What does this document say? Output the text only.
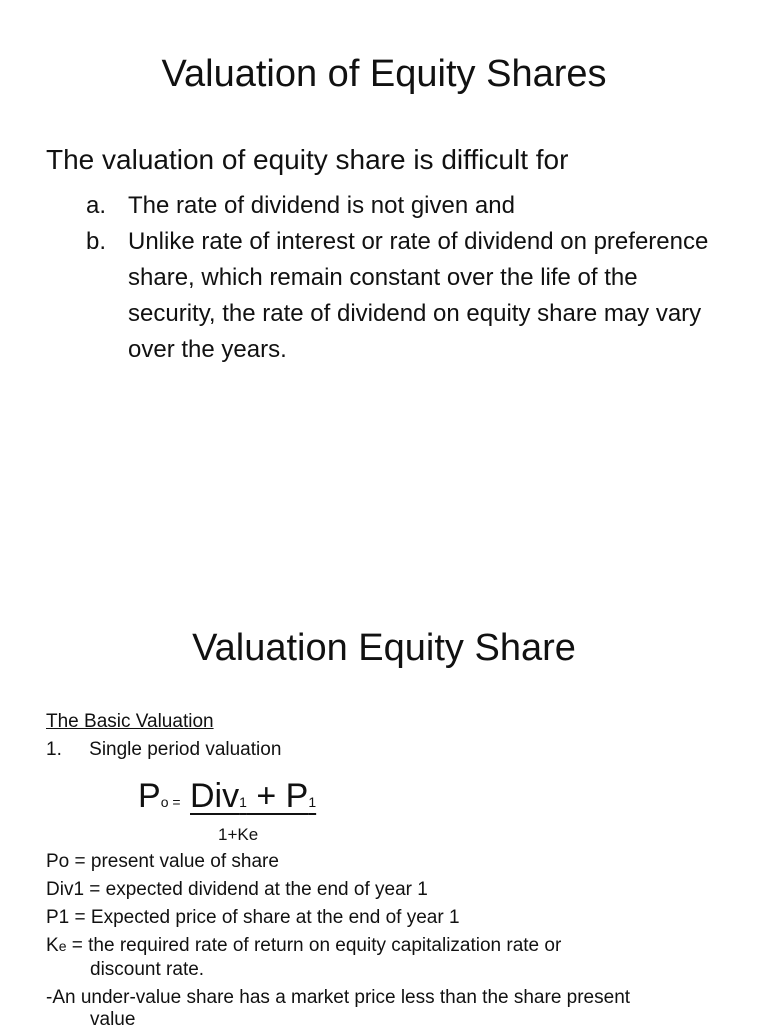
Valuation of Equity Shares
The valuation of equity share is difficult for
a. The rate of dividend is not given and
b. Unlike rate of interest or rate of dividend on preference share, which remain constant over the life of the security, the rate of dividend on equity share may vary over the years.
Valuation Equity Share
The Basic Valuation
1. Single period valuation
Po = Div1 + P1
1+Ke
Po = present value of share
Div1 = expected dividend at the end of year 1
P1 = Expected price of share at the end of year 1
Ke = the required rate of return on equity capitalization rate or
discount rate.
-An under-value share has a market price less than the share present
value
